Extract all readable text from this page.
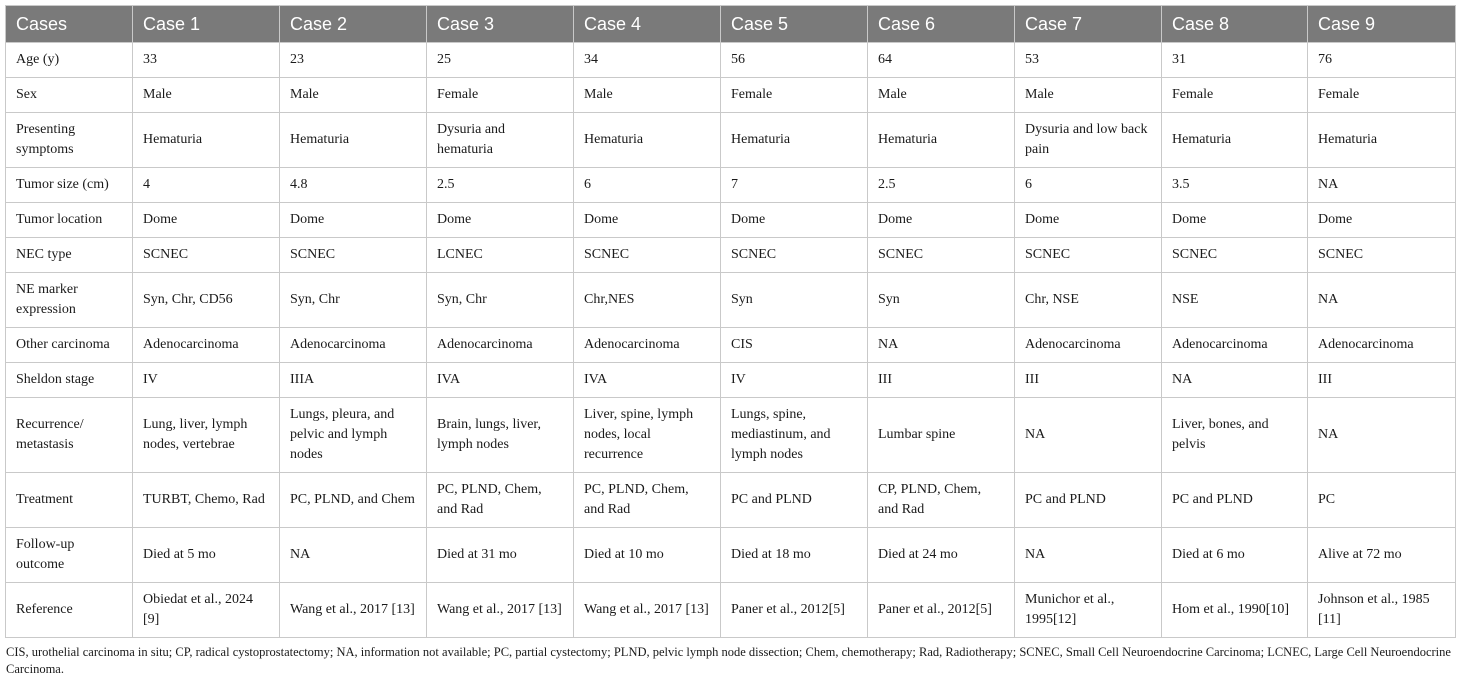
Cases	Case 1	Case 2	Case 3	Case 4	Case 5	Case 6	Case 7	Case 8	Case 9
Age (y)	33	23	25	34	56	64	53	31	76
Sex	Male	Male	Female	Male	Female	Male	Male	Female	Female
Presenting symptoms	Hematuria	Hematuria	Dysuria and hematuria	Hematuria	Hematuria	Hematuria	Dysuria and low back pain	Hematuria	Hematuria
Tumor size (cm)	4	4.8	2.5	6	7	2.5	6	3.5	NA
Tumor location	Dome	Dome	Dome	Dome	Dome	Dome	Dome	Dome	Dome
NEC type	SCNEC	SCNEC	LCNEC	SCNEC	SCNEC	SCNEC	SCNEC	SCNEC	SCNEC
NE marker expression	Syn, Chr, CD56	Syn, Chr	Syn, Chr	Chr,NES	Syn	Syn	Chr, NSE	NSE	NA
Other carcinoma	Adenocarcinoma	Adenocarcinoma	Adenocarcinoma	Adenocarcinoma	CIS	NA	Adenocarcinoma	Adenocarcinoma	Adenocarcinoma
Sheldon stage	IV	IIIA	IVA	IVA	IV	III	III	NA	III
Recurrence/ metastasis	Lung, liver, lymph nodes, vertebrae	Lungs, pleura, and pelvic and lymph nodes	Brain, lungs, liver, lymph nodes	Liver, spine, lymph nodes, local recurrence	Lungs, spine, mediastinum, and lymph nodes	Lumbar spine	NA	Liver, bones, and pelvis	NA
Treatment	TURBT, Chemo, Rad	PC, PLND, and Chem	PC, PLND, Chem, and Rad	PC, PLND, Chem, and Rad	PC and PLND	CP, PLND, Chem, and Rad	PC and PLND	PC and PLND	PC
Follow-up outcome	Died at 5 mo	NA	Died at 31 mo	Died at 10 mo	Died at 18 mo	Died at 24 mo	NA	Died at 6 mo	Alive at 72 mo
Reference	Obiedat et al., 2024 [9]	Wang et al., 2017 [13]	Wang et al., 2017 [13]	Wang et al., 2017 [13]	Paner et al., 2012[5]	Paner et al., 2012[5]	Munichor et al., 1995[12]	Hom et al., 1990[10]	Johnson et al., 1985 [11]
CIS, urothelial carcinoma in situ; CP, radical cystoprostatectomy; NA, information not available; PC, partial cystectomy; PLND, pelvic lymph node dissection; Chem, chemotherapy; Rad, Radiotherapy; SCNEC, Small Cell Neuroendocrine Carcinoma; LCNEC, Large Cell Neuroendocrine Carcinoma.
